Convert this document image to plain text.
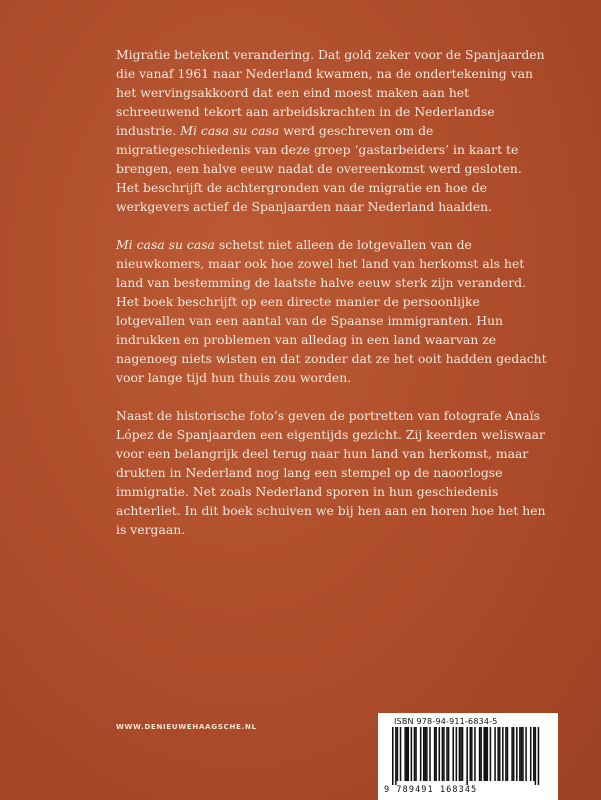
Migratie betekent verandering. Dat gold zeker voor de Spanjaarden die vanaf 1961 naar Nederland kwamen, na de ondertekening van het wervingsakkoord dat een eind moest maken aan het schreeuwend tekort aan arbeidskrachten in de Nederlandse industrie. Mi casa su casa werd geschreven om de migratiegeschiedenis van deze groep ‘gastarbeiders’ in kaart te brengen, een halve eeuw nadat de overeenkomst werd gesloten. Het beschrijft de achtergronden van de migratie en hoe de werkgevers actief de Spanjaarden naar Nederland haalden.

Mi casa su casa schetst niet alleen de lotgevallen van de nieuwkomers, maar ook hoe zowel het land van herkomst als het land van bestemming de laatste halve eeuw sterk zijn veranderd. Het boek beschrijft op een directe manier de persoonlijke lotgevallen van een aantal van de Spaanse immigranten. Hun indrukken en problemen van alledag in een land waarvan ze nagenoeg niets wisten en dat zonder dat ze het ooit hadden gedacht voor lange tijd hun thuis zou worden.

Naast de historische foto’s geven de portretten van fotografe Anaïs López de Spanjaarden een eigentijds gezicht. Zij keerden weliswaar voor een belangrijk deel terug naar hun land van herkomst, maar drukten in Nederland nog lang een stempel op de naoorlogse immigratie. Net zoals Nederland sporen in hun geschiedenis achterliet. In dit boek schuiven we bij hen aan en horen hoe het hen is vergaan.

WWW.DENIEUWEHAAGSCHE.NL
ISBN 978-94-911-6834-5
9 789491 168345
